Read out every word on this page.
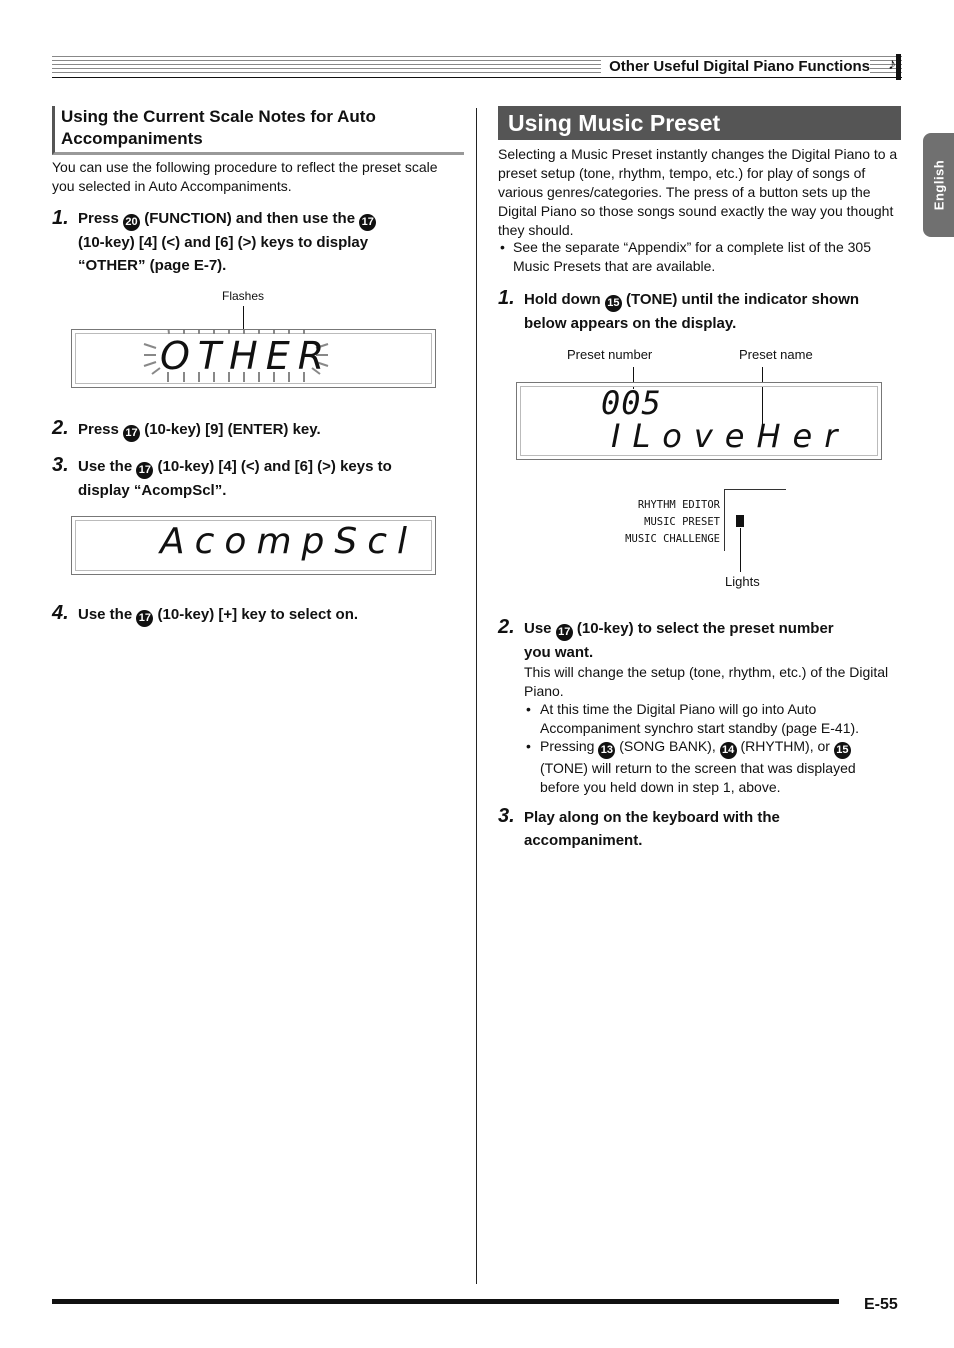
Other Useful Digital Piano Functions ♪
English
Using the Current Scale Notes for Auto Accompaniments
You can use the following procedure to reflect the preset scale you selected in Auto Accompaniments.
1. Press 20 (FUNCTION) and then use the 17
(10-key) [4] (<) and [6] (>) keys to display
“OTHER” (page E-7).
Flashes
OTHER
2. Press 17 (10-key) [9] (ENTER) key.
3. Use the 17 (10-key) [4] (<) and [6] (>) keys to
display “AcompScl”.
AcompScl
4. Use the 17 (10-key) [+] key to select on.
Using Music Preset
Selecting a Music Preset instantly changes the Digital Piano to a preset setup (tone, rhythm, tempo, etc.) for play of songs of various genres/categories. The press of a button sets up the Digital Piano so those songs sound exactly the way you thought they should.
• See the separate “Appendix” for a complete list of the 305 Music Presets that are available.
1. Hold down 15 (TONE) until the indicator shown
below appears on the display.
Preset number	Preset name
005
ILoveHer
RHYTHM EDITOR
MUSIC PRESET
MUSIC CHALLENGE
Lights
2. Use 17 (10-key) to select the preset number
you want.
This will change the setup (tone, rhythm, etc.) of the Digital Piano.
• At this time the Digital Piano will go into Auto Accompaniment synchro start standby (page E-41).
• Pressing 13 (SONG BANK), 14 (RHYTHM), or 15 (TONE) will return to the screen that was displayed before you held down in step 1, above.
3. Play along on the keyboard with the
accompaniment.
E-55
